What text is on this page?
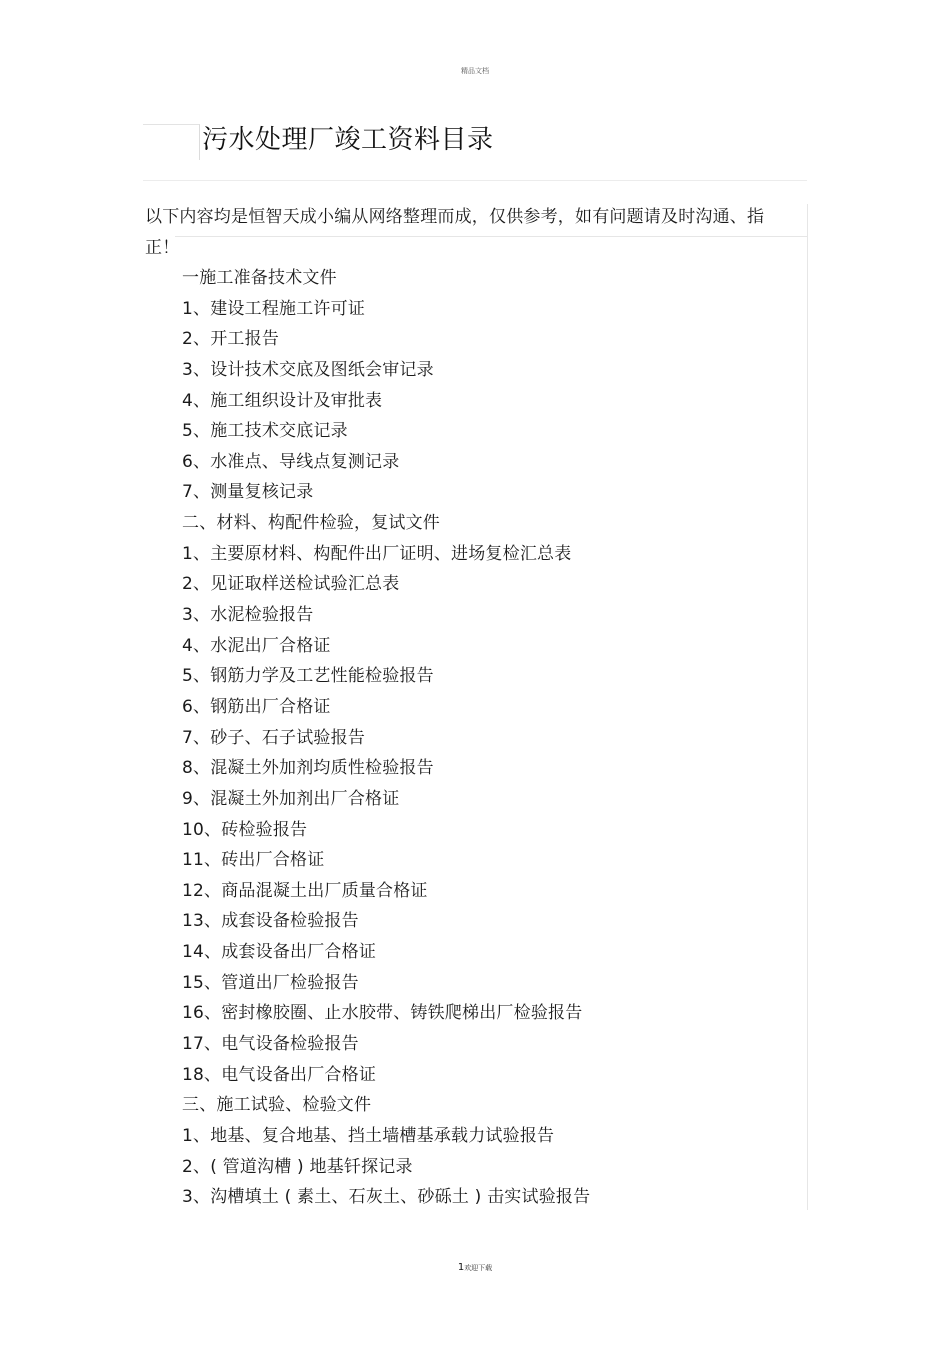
精品文档
污水处理厂竣工资料目录
以下内容均是恒智天成小编从网络整理而成，仅供参考，如有问题请及时沟通、指正！
一施工准备技术文件
1、建设工程施工许可证
2、开工报告
3、设计技术交底及图纸会审记录
4、施工组织设计及审批表
5、施工技术交底记录
6、水准点、导线点复测记录
7、测量复核记录
二、材料、构配件检验，复试文件
1、主要原材料、构配件出厂证明、进场复检汇总表
2、见证取样送检试验汇总表
3、水泥检验报告
4、水泥出厂合格证
5、钢筋力学及工艺性能检验报告
6、钢筋出厂合格证
7、砂子、石子试验报告
8、混凝土外加剂均质性检验报告
9、混凝土外加剂出厂合格证
10、砖检验报告
11、砖出厂合格证
12、商品混凝土出厂质量合格证
13、成套设备检验报告
14、成套设备出厂合格证
15、管道出厂检验报告
16、密封橡胶圈、止水胶带、铸铁爬梯出厂检验报告
17、电气设备检验报告
18、电气设备出厂合格证
三、施工试验、检验文件
1、地基、复合地基、挡土墙槽基承载力试验报告
2、( 管道沟槽 ) 地基钎探记录
3、沟槽填土 ( 素土、石灰土、砂砾土 ) 击实试验报告
1欢迎下载
